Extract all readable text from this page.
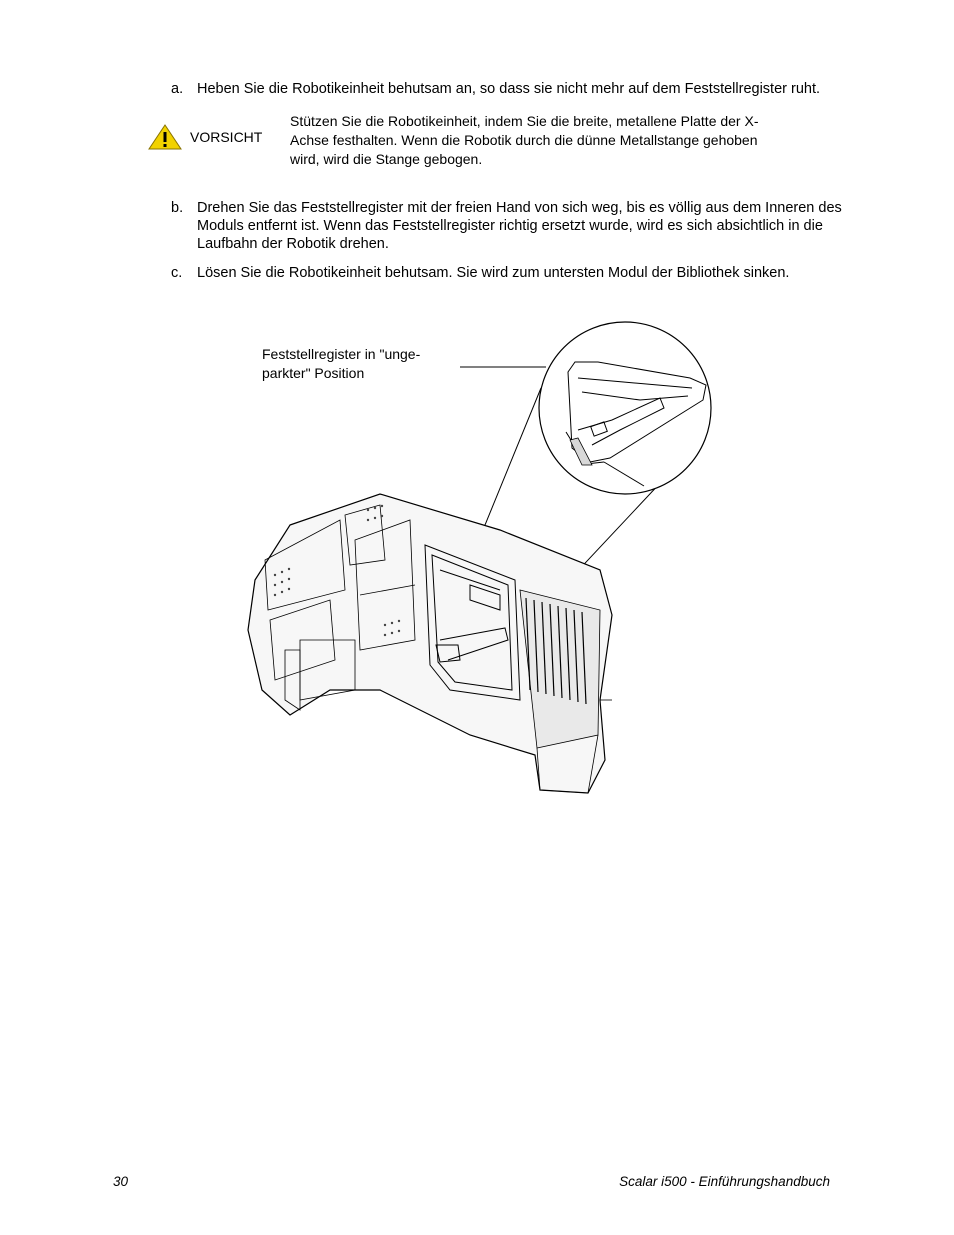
a. Heben Sie die Robotikeinheit behutsam an, so dass sie nicht mehr auf dem Feststellregister ruht.
VORSICHT
Stützen Sie die Robotikeinheit, indem Sie die breite, metallene Platte der X-Achse festhalten. Wenn die Robotik durch die dünne Metallstange gehoben wird, wird die Stange gebogen.
b. Drehen Sie das Feststellregister mit der freien Hand von sich weg, bis es völlig aus dem Inneren des Moduls entfernt ist. Wenn das Feststellregister richtig ersetzt wurde, wird es sich absichtlich in die Laufbahn der Robotik drehen.
c. Lösen Sie die Robotikeinheit behutsam. Sie wird zum untersten Modul der Bibliothek sinken.
Feststellregister in "unge-parkter" Position
30	Scalar i500 - Einführungshandbuch
